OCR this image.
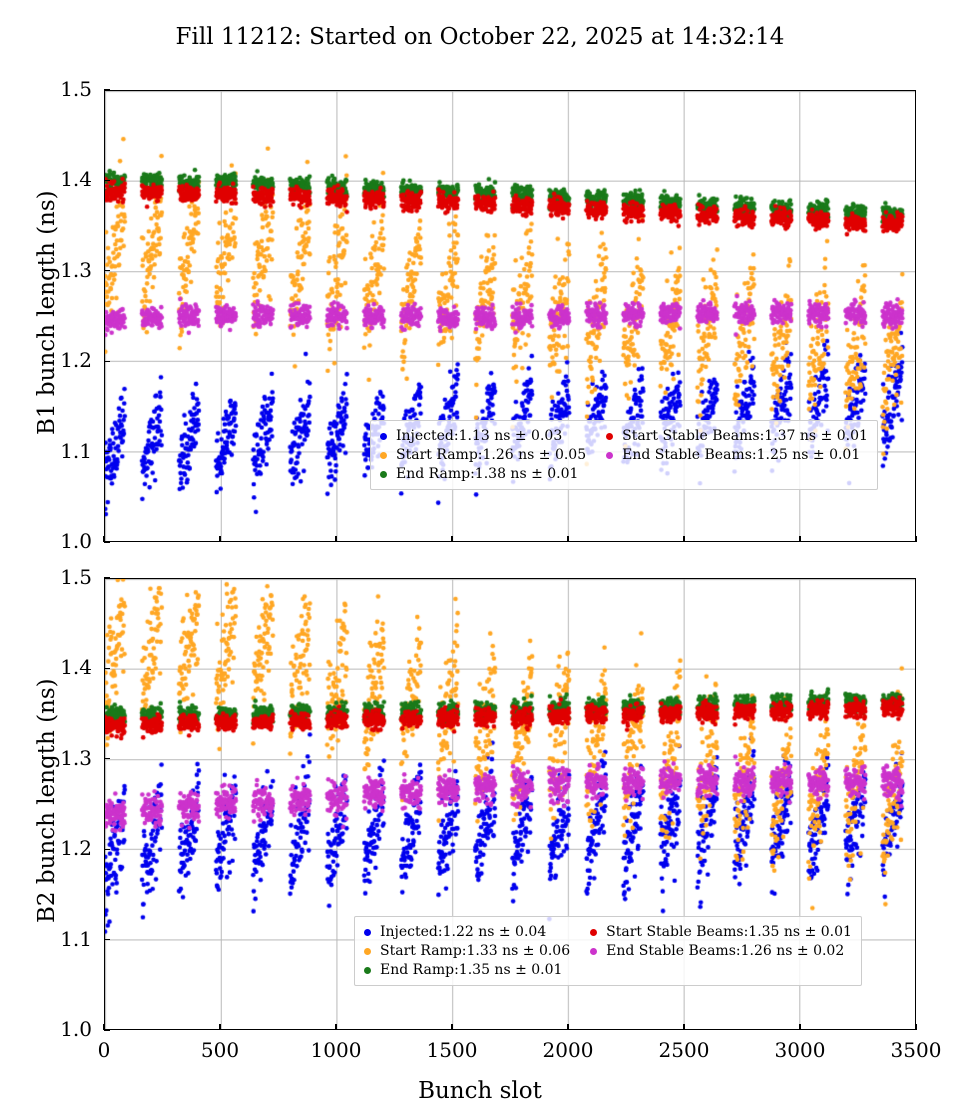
Fill 11212: Started on October 22, 2025 at 14:32:14
1.0
1.1
1.2
1.3
1.4
1.5
B1 bunch length (ns)
Injected:1.13 ns ± 0.03	Start Stable Beams:1.37 ns ± 0.01
Start Ramp:1.26 ns ± 0.05	End Stable Beams:1.25 ns ± 0.01
End Ramp:1.38 ns ± 0.01
1.0
1.1
1.2
1.3
1.4
1.5
0	500	1000	1500	2000	2500	3000	3500
B2 bunch length (ns)
Bunch slot
Injected:1.22 ns ± 0.04	Start Stable Beams:1.35 ns ± 0.01
Start Ramp:1.33 ns ± 0.06	End Stable Beams:1.26 ns ± 0.02
End Ramp:1.35 ns ± 0.01
